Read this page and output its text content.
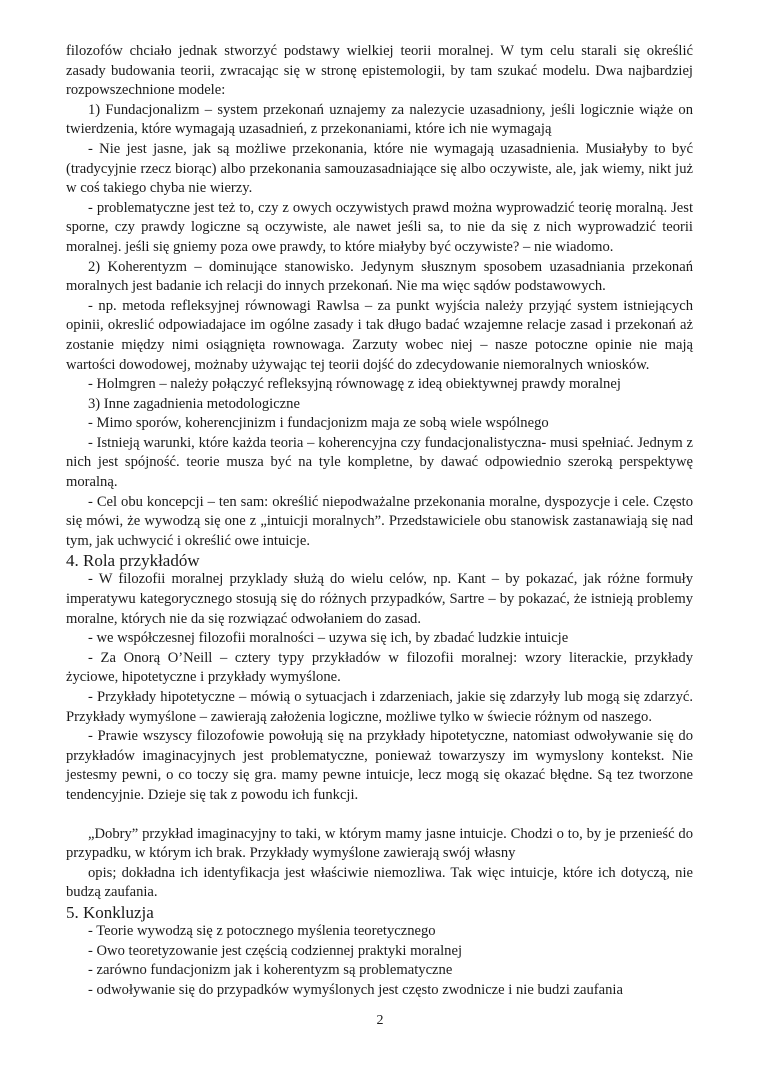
filozofów chciało jednak stworzyć podstawy wielkiej teorii moralnej. W tym celu starali się określić zasady budowania teorii, zwracając się w stronę epistemologii, by tam szukać modelu. Dwa najbardziej rozpowszechnione modele:

1) Fundacjonalizm – system przekonań uznajemy za nalezycie uzasadniony, jeśli logicznie wiąże on twierdzenia, które wymagają uzasadnień, z przekonaniami, które ich nie wymagają

- Nie jest jasne, jak są możliwe przekonania, które nie wymagają uzasadnienia. Musiałyby to być (tradycyjnie rzecz biorąc) albo przekonania samouzasadniające się albo oczywiste, ale, jak wiemy, nikt już w coś takiego chyba nie wierzy.

- problematyczne jest też to, czy z owych oczywistych prawd można wyprowadzić teorię moralną. Jest sporne, czy prawdy logiczne są oczywiste, ale nawet jeśli sa, to nie da się z nich wyprowadzić teorii moralnej. jeśli się gniemy poza owe prawdy, to które miałyby być oczywiste? – nie wiadomo.

2) Koherentyzm – dominujące stanowisko. Jedynym słusznym sposobem uzasadniania przekonań moralnych jest badanie ich relacji do innych przekonań. Nie ma więc sądów podstawowych.

- np. metoda refleksyjnej równowagi Rawlsa – za punkt wyjścia należy przyjąć system istniejących opinii, okreslić odpowiadajace im ogólne zasady i tak długo badać wzajemne relacje zasad i przekonań aż zostanie między nimi osiągnięta rownowaga. Zarzuty wobec niej – nasze potoczne opinie nie mają wartości dowodowej, możnaby używając tej teorii dojść do zdecydowanie niemoralnych wniosków.

- Holmgren – należy połączyć refleksyjną równowagę z ideą obiektywnej prawdy moralnej

3) Inne zagadnienia metodologiczne

- Mimo sporów, koherencjinizm i fundacjonizm maja ze sobą wiele wspólnego

- Istnieją warunki, które każda teoria – koherencyjna czy fundacjonalistyczna- musi spełniać. Jednym z nich jest spójność. teorie musza być na tyle kompletne, by dawać odpowiednio szeroką perspektywę moralną.

- Cel obu koncepcji – ten sam: określić niepodważalne przekonania moralne, dyspozycje i cele. Często się mówi, że wywodzą się one z „intuicji moralnych”. Przedstawiciele obu stanowisk zastanawiają się nad tym, jak uchwycić i określić owe intuicje.

4. Rola przykładów

- W filozofii moralnej przyklady służą do wielu celów, np. Kant – by pokazać, jak różne formuły imperatywu kategorycznego stosują się do różnych przypadków, Sartre – by pokazać, że istnieją problemy moralne, których nie da się rozwiązać odwołaniem do zasad.

- we współczesnej filozofii moralności – uzywa się ich, by zbadać ludzkie intuicje

- Za Onorą O’Neill – cztery typy przykładów w filozofii moralnej: wzory literackie, przykłady życiowe, hipotetyczne i przykłady wymyślone.

- Przykłady hipotetyczne – mówią o sytuacjach i zdarzeniach, jakie się zdarzyły lub mogą się zdarzyć. Przykłady wymyślone – zawierają założenia logiczne, możliwe tylko w świecie różnym od naszego.

- Prawie wszyscy filozofowie powołują się na przykłady hipotetyczne, natomiast odwoływanie się do przykładów imaginacyjnych jest problematyczne, ponieważ towarzyszy im wymyslony kontekst. Nie jestesmy pewni, o co toczy się gra. mamy pewne intuicje, lecz mogą się okazać błędne. Są tez tworzone tendencyjnie. Dzieje się tak z powodu ich funkcji.

„Dobry” przykład imaginacyjny to taki, w którym mamy jasne intuicje. Chodzi o to, by je przenieść do przypadku, w którym ich brak. Przykłady wymyślone zawierają swój własny

opis; dokładna ich identyfikacja jest właściwie niemozliwa. Tak więc intuicje, które ich dotyczą, nie budzą zaufania.

5. Konkluzja

- Teorie wywodzą się z potocznego myślenia teoretycznego

- Owo teoretyzowanie jest częścią codziennej praktyki moralnej

- zarówno fundacjonizm jak i koherentyzm są problematyczne

- odwoływanie się do przypadków wymyślonych jest często zwodnicze i nie budzi zaufania

2
